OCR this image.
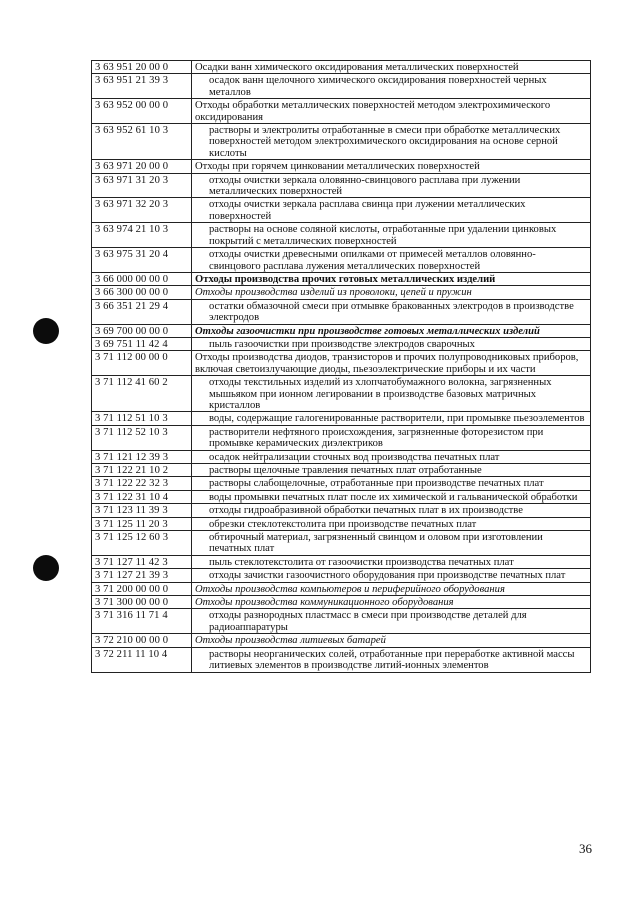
3 63 951 20 00 0	Осадки ванн химического оксидирования металлических поверхностей
3 63 951 21 39 3	осадок ванн щелочного химического оксидирования поверхностей черных металлов
3 63 952 00 00 0	Отходы обработки металлических поверхностей методом электрохимического оксидирования
3 63 952 61 10 3	растворы и электролиты отработанные в смеси при обработке металлических поверхностей методом электрохимического оксидирования на основе серной кислоты
3 63 971 20 00 0	Отходы при горячем цинковании металлических поверхностей
3 63 971 31 20 3	отходы очистки зеркала оловянно-свинцового расплава при лужении металлических поверхностей
3 63 971 32 20 3	отходы очистки зеркала расплава свинца при лужении металлических поверхностей
3 63 974 21 10 3	растворы на основе соляной кислоты, отработанные при удалении цинковых покрытий с металлических поверхностей
3 63 975 31 20 4	отходы очистки древесными опилками от примесей металлов оловянно-свинцового расплава лужения металлических поверхностей
3 66 000 00 00 0	Отходы производства прочих готовых металлических изделий
3 66 300 00 00 0	Отходы производства изделий из проволоки, цепей и пружин
3 66 351 21 29 4	остатки обмазочной смеси при отмывке бракованных электродов в производстве электродов
3 69 700 00 00 0	Отходы газоочистки при производстве готовых металлических изделий
3 69 751 11 42 4	пыль газоочистки при производстве электродов сварочных
3 71 112 00 00 0	Отходы производства диодов, транзисторов и прочих полупроводниковых приборов, включая светоизлучающие диоды, пьезоэлектрические приборы и их части
3 71 112 41 60 2	отходы текстильных изделий из хлопчатобумажного волокна, загрязненных мышьяком при ионном легировании в производстве базовых матричных кристаллов
3 71 112 51 10 3	воды, содержащие галогенированные растворители, при промывке пьезоэлементов
3 71 112 52 10 3	растворители нефтяного происхождения, загрязненные фоторезистом при промывке керамических диэлектриков
3 71 121 12 39 3	осадок нейтрализации сточных вод производства печатных плат
3 71 122 21 10 2	растворы щелочные травления печатных плат отработанные
3 71 122 22 32 3	растворы слабощелочные, отработанные при производстве печатных плат
3 71 122 31 10 4	воды промывки печатных плат после их химической и гальванической обработки
3 71 123 11 39 3	отходы гидроабразивной обработки печатных плат в их производстве
3 71 125 11 20 3	обрезки стеклотекстолита при производстве печатных плат
3 71 125 12 60 3	обтирочный материал, загрязненный свинцом и оловом при изготовлении печатных плат
3 71 127 11 42 3	пыль стеклотекстолита от газоочистки производства печатных плат
3 71 127 21 39 3	отходы зачистки газоочистного оборудования при производстве печатных плат
3 71 200 00 00 0	Отходы производства компьютеров и периферийного оборудования
3 71 300 00 00 0	Отходы производства коммуникационного оборудования
3 71 316 11 71 4	отходы разнородных пластмасс в смеси при производстве деталей для радиоаппаратуры
3 72 210 00 00 0	Отходы производства литиевых батарей
3 72 211 11 10 4	растворы неорганических солей, отработанные при переработке активной массы литиевых элементов в производстве литий-ионных элементов
36
